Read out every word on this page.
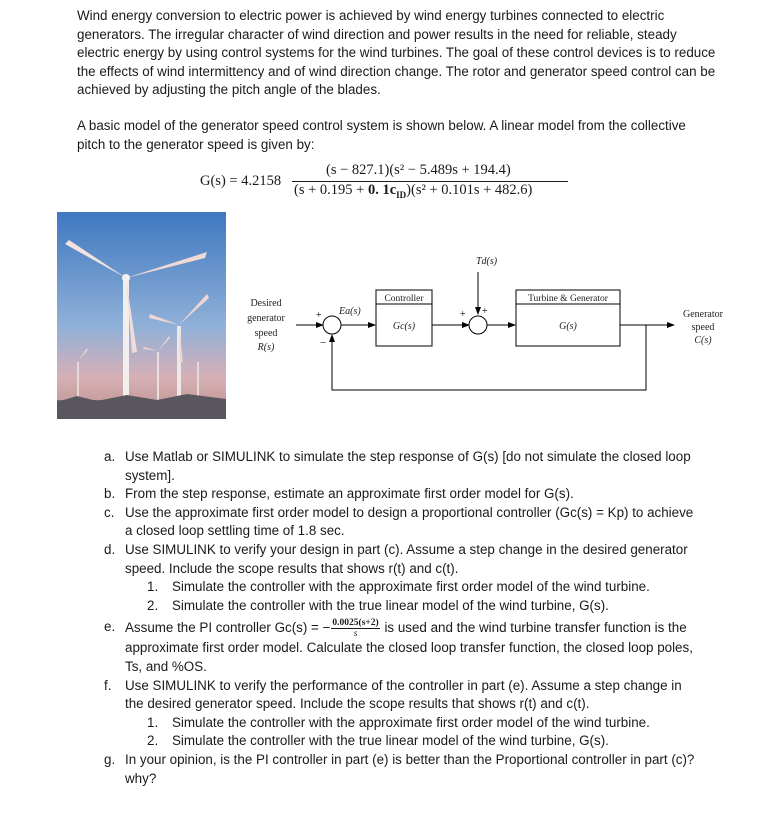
Wind energy conversion to electric power is achieved by wind energy turbines connected to electric generators. The irregular character of wind direction and power results in the need for reliable, steady electric energy by using control systems for the wind turbines. The goal of these control devices is to reduce the effects of wind intermittency and of wind direction change. The rotor and generator speed control can be achieved by adjusting the pitch angle of the blades.

A basic model of the generator speed control system is shown below. A linear model from the collective pitch to the generator speed is given by:

G(s) = 4.2158
(s − 827.1)(s² − 5.489s + 194.4)
(s + 0.195 + 0. $1c_{ID})(s^2 + 0.101s + 482.6)$
Desired
generator
speed
R(s)
+
−
Ea(s)
Controller
Gc(s)
+ +
Td(s)
Turbine & Generator
G(s)
Generator
speed
C(s)
a. Use Matlab or SIMULINK to simulate the step response of G(s) [do not simulate the closed loop system].
b. From the step response, estimate an approximate first order model for G(s).
c. Use the approximate first order model to design a proportional controller (Gc(s) = Kp) to achieve a closed loop settling time of 1.8 sec.
d. Use SIMULINK to verify your design in part (c). Assume a step change in the desired generator speed. Include the scope results that shows r(t) and c(t).
1. Simulate the controller with the approximate first order model of the wind turbine.
2. Simulate the controller with the true linear model of the wind turbine, G(s).
e. Assume the PI controller Gc(s) = − $\frac{0.0025(s+2)}{s}$ is used and the wind turbine transfer function is the approximate first order model. Calculate the closed loop transfer function, the closed loop poles, Ts, and %OS.
f. Use SIMULINK to verify the performance of the controller in part (e). Assume a step change in the desired generator speed. Include the scope results that shows r(t) and c(t).
1. Simulate the controller with the approximate first order model of the wind turbine.
2. Simulate the controller with the true linear model of the wind turbine, G(s).
g. In your opinion, is the PI controller in part (e) is better than the Proportional controller in part (c)? why?
